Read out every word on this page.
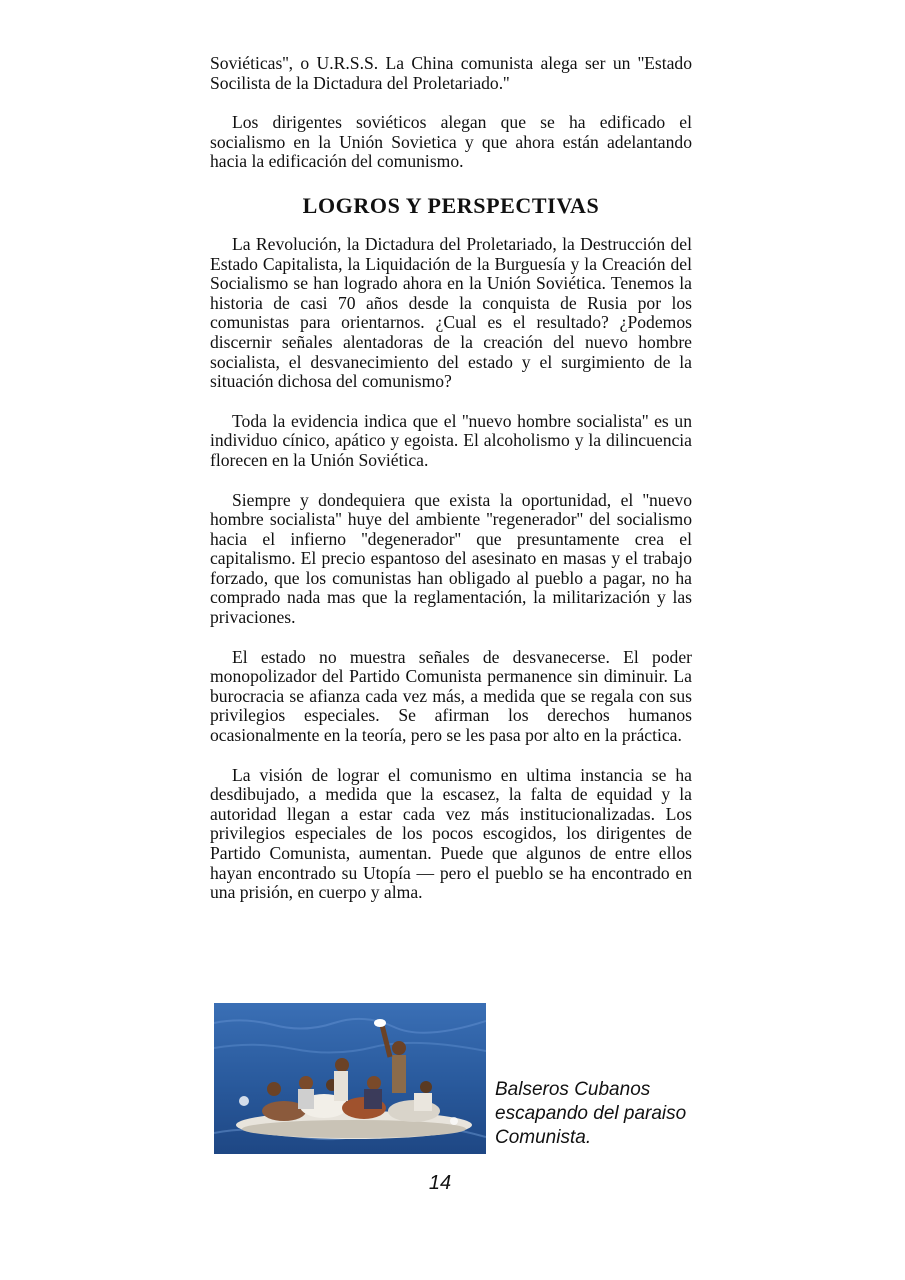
Soviéticas'', o U.R.S.S. La China comunista alega ser un ''Estado Socilista de la Dictadura del Proletariado.''

Los dirigentes soviéticos alegan que se ha edificado el socialismo en la Unión Sovietica y que ahora están adelantando hacia la edificación del comunismo.

LOGROS Y PERSPECTIVAS

La Revolución, la Dictadura del Proletariado, la Destrucción del Estado Capitalista, la Liquidación de la Burguesía y la Creación del Socialismo se han logrado ahora en la Unión Soviética. Tenemos la historia de casi 70 años desde la conquista de Rusia por los comunistas para orientarnos. ¿Cual es el resultado? ¿Podemos discernir señales alentadoras de la creación del nuevo hombre socialista, el desvanecimiento del estado y el surgimiento de la situación dichosa del comunismo?

Toda la evidencia indica que el ''nuevo hombre socialista'' es un individuo cínico, apático y egoista. El alcoholismo y la dilincuencia florecen en la Unión Soviética.

Siempre y dondequiera que exista la oportunidad, el ''nuevo hombre socialista'' huye del ambiente ''regenerador'' del socialismo hacia el infierno ''degenerador'' que presuntamente crea el capitalismo. El precio espantoso del asesinato en masas y el trabajo forzado, que los comunistas han obligado al pueblo a pagar, no ha comprado nada mas que la reglamentación, la militarización y las privaciones.

El estado no muestra señales de desvanecerse. El poder monopolizador del Partido Comunista permanence sin diminuir. La burocracia se afianza cada vez más, a medida que se regala con sus privilegios especiales. Se afirman los derechos humanos ocasionalmente en la teoría, pero se les pasa por alto en la práctica.

La visión de lograr el comunismo en ultima instancia se ha desdibujado, a medida que la escasez, la falta de equidad y la autoridad llegan a estar cada vez más institucionalizadas. Los privilegios especiales de los pocos escogidos, los dirigentes de Partido Comunista, aumentan. Puede que algunos de entre ellos hayan encontrado su Utopía — pero el pueblo se ha encontrado en una prisión, en cuerpo y alma.

Balseros Cubanos
escapando del paraiso
Comunista.
14
